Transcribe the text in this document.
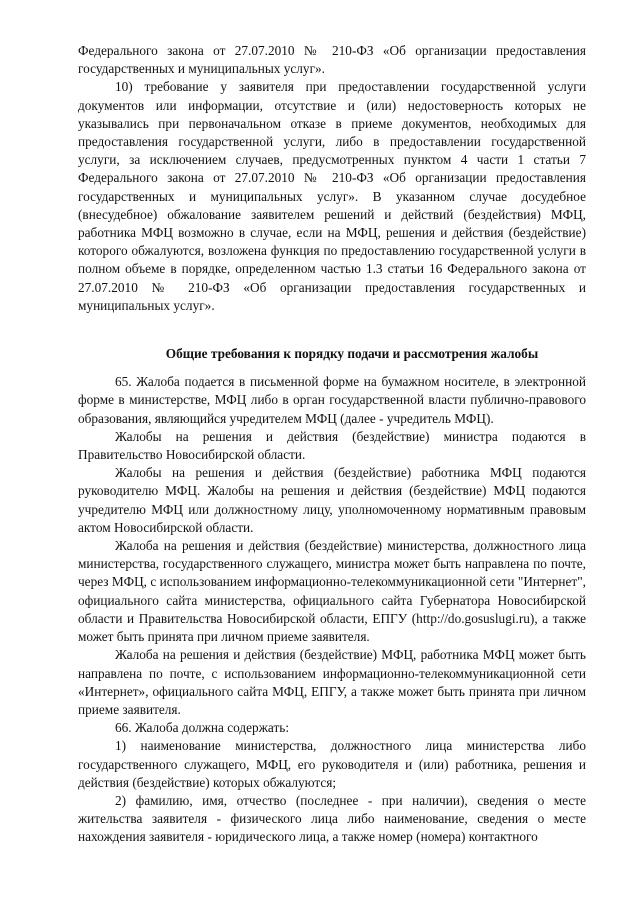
Федерального закона от 27.07.2010 № 210-ФЗ «Об организации предоставления государственных и муниципальных услуг».

10) требование у заявителя при предоставлении государственной услуги документов или информации, отсутствие и (или) недостоверность которых не указывались при первоначальном отказе в приеме документов, необходимых для предоставления государственной услуги, либо в предоставлении государственной услуги, за исключением случаев, предусмотренных пунктом 4 части 1 статьи 7 Федерального закона от 27.07.2010 № 210-ФЗ «Об организации предоставления государственных и муниципальных услуг». В указанном случае досудебное (внесудебное) обжалование заявителем решений и действий (бездействия) МФЦ, работника МФЦ возможно в случае, если на МФЦ, решения и действия (бездействие) которого обжалуются, возложена функция по предоставлению государственной услуги в полном объеме в порядке, определенном частью 1.3 статьи 16 Федерального закона от 27.07.2010 № 210-ФЗ «Об организации предоставления государственных и муниципальных услуг».

Общие требования к порядку подачи и рассмотрения жалобы

65. Жалоба подается в письменной форме на бумажном носителе, в электронной форме в министерстве, МФЦ либо в орган государственной власти публично-правового образования, являющийся учредителем МФЦ (далее - учредитель МФЦ).

Жалобы на решения и действия (бездействие) министра подаются в Правительство Новосибирской области.

Жалобы на решения и действия (бездействие) работника МФЦ подаются руководителю МФЦ. Жалобы на решения и действия (бездействие) МФЦ подаются учредителю МФЦ или должностному лицу, уполномоченному нормативным правовым актом Новосибирской области.

Жалоба на решения и действия (бездействие) министерства, должностного лица министерства, государственного служащего, министра может быть направлена по почте, через МФЦ, с использованием информационно-телекоммуникационной сети "Интернет", официального сайта министерства, официального сайта Губернатора Новосибирской области и Правительства Новосибирской области, ЕПГУ (http://do.gosuslugi.ru), а также может быть принята при личном приеме заявителя.

Жалоба на решения и действия (бездействие) МФЦ, работника МФЦ может быть направлена по почте, с использованием информационно-телекоммуникационной сети «Интернет», официального сайта МФЦ, ЕПГУ, а также может быть принята при личном приеме заявителя.

66. Жалоба должна содержать:

1) наименование министерства, должностного лица министерства либо государственного служащего, МФЦ, его руководителя и (или) работника, решения и действия (бездействие) которых обжалуются;

2) фамилию, имя, отчество (последнее - при наличии), сведения о месте жительства заявителя - физического лица либо наименование, сведения о месте нахождения заявителя - юридического лица, а также номер (номера) контактного
